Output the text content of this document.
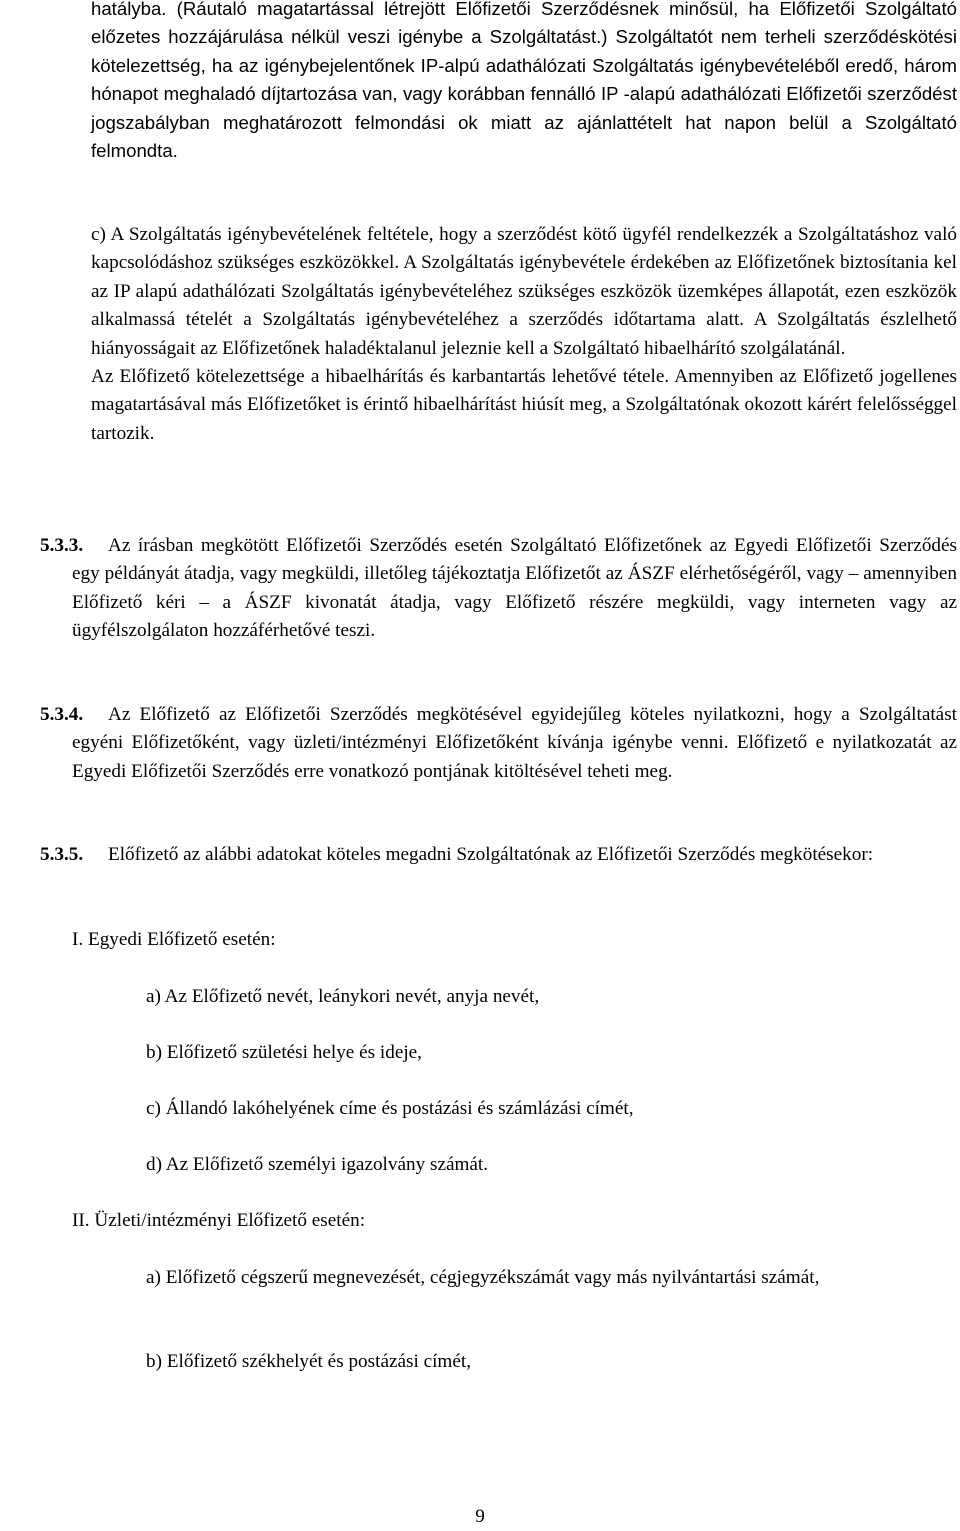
hatályba. (Ráutaló magatartással létrejött Előfizetői Szerződésnek minősül, ha Előfizetői Szolgáltató előzetes hozzájárulása nélkül veszi igénybe a Szolgáltatást.) Szolgáltatót nem terheli szerződéskötési kötelezettség, ha az igénybejelentőnek IP-alpú adathálózati Szolgáltatás igénybevételéből eredő, három hónapot meghaladó díjtartozása van, vagy korábban fennálló IP -alapú adathálózati Előfizetői szerződést jogszabályban meghatározott felmondási ok miatt az ajánlattételt hat napon belül a Szolgáltató felmondta.

c) A Szolgáltatás igénybevételének feltétele, hogy a szerződést kötő ügyfél rendelkezzék a Szolgáltatáshoz való kapcsolódáshoz szükséges eszközökkel. A Szolgáltatás igénybevétele érdekében az Előfizetőnek biztosítania kel az IP alapú adathálózati Szolgáltatás igénybevételéhez szükséges eszközök üzemképes állapotát, ezen eszközök alkalmassá tételét a Szolgáltatás igénybevételéhez a szerződés időtartama alatt. A Szolgáltatás észlelhető hiányosságait az Előfizetőnek haladéktalanul jeleznie kell a Szolgáltató hibaelhárító szolgálatánál.
Az Előfizető kötelezettsége a hibaelhárítás és karbantartás lehetővé tétele. Amennyiben az Előfizető jogellenes magatartásával más Előfizetőket is érintő hibaelhárítást hiúsít meg, a Szolgáltatónak okozott kárért felelősséggel tartozik.
5.3.3.	Az írásban megkötött Előfizetői Szerződés esetén Szolgáltató Előfizetőnek az Egyedi Előfizetői Szerződés egy példányát átadja, vagy megküldi, illetőleg tájékoztatja Előfizetőt az ÁSZF elérhetőségéről, vagy – amennyiben Előfizető kéri – a ÁSZF kivonatát átadja, vagy Előfizető részére megküldi, vagy interneten vagy az ügyfélszolgálaton hozzáférhetővé teszi.
5.3.4.	Az Előfizető az Előfizetői Szerződés megkötésével egyidejűleg köteles nyilatkozni, hogy a Szolgáltatást egyéni Előfizetőként, vagy üzleti/intézményi Előfizetőként kívánja igénybe venni. Előfizető e nyilatkozatát az Egyedi Előfizetői Szerződés erre vonatkozó pontjának kitöltésével teheti meg.
5.3.5.	Előfizető az alábbi adatokat köteles megadni Szolgáltatónak az Előfizetői Szerződés megkötésekor:
I. Egyedi Előfizető esetén:
a) Az Előfizető nevét, leánykori nevét, anyja nevét,
b) Előfizető születési helye és ideje,
c) Állandó lakóhelyének címe és postázási és számlázási címét,
d) Az Előfizető személyi igazolvány számát.
II. Üzleti/intézményi Előfizető esetén:
a) Előfizető cégszerű megnevezését, cégjegyzékszámát vagy más nyilvántartási számát,
b) Előfizető székhelyét és postázási címét,
9
